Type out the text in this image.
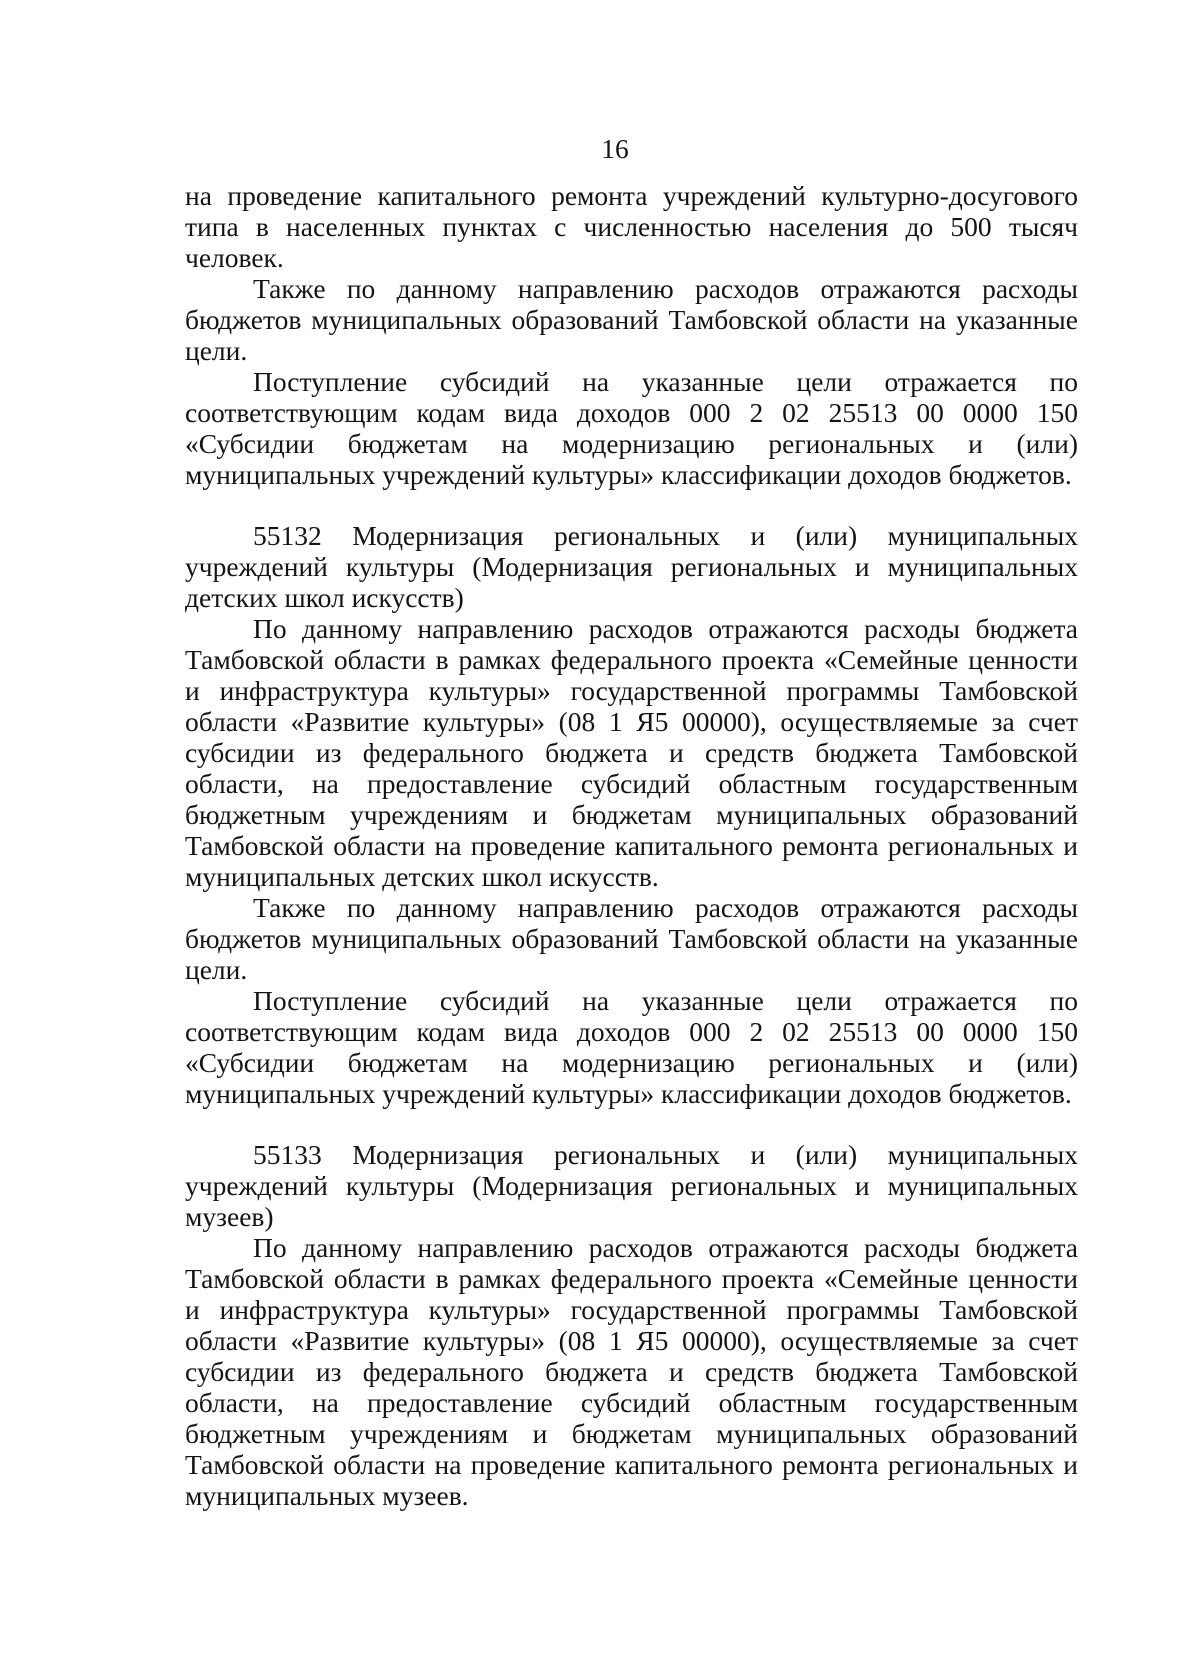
16

на проведение капитального ремонта учреждений культурно-досугового типа в населенных пунктах с численностью населения до 500 тысяч человек.

Также по данному направлению расходов отражаются расходы бюджетов муниципальных образований Тамбовской области на указанные цели.

Поступление субсидий на указанные цели отражается по соответствующим кодам вида доходов 000 2 02 25513 00 0000 150 «Субсидии бюджетам на модернизацию региональных и (или) муниципальных учреждений культуры» классификации доходов бюджетов.

55132 Модернизация региональных и (или) муниципальных учреждений культуры (Модернизация региональных и муниципальных детских школ искусств)

По данному направлению расходов отражаются расходы бюджета Тамбовской области в рамках федерального проекта «Семейные ценности и инфраструктура культуры» государственной программы Тамбовской области «Развитие культуры» (08 1 Я5 00000), осуществляемые за счет субсидии из федерального бюджета и средств бюджета Тамбовской области, на предоставление субсидий областным государственным бюджетным учреждениям и бюджетам муниципальных образований Тамбовской области на проведение капитального ремонта региональных и муниципальных детских школ искусств.

Также по данному направлению расходов отражаются расходы бюджетов муниципальных образований Тамбовской области на указанные цели.

Поступление субсидий на указанные цели отражается по соответствующим кодам вида доходов 000 2 02 25513 00 0000 150 «Субсидии бюджетам на модернизацию региональных и (или) муниципальных учреждений культуры» классификации доходов бюджетов.

55133 Модернизация региональных и (или) муниципальных учреждений культуры (Модернизация региональных и муниципальных музеев)

По данному направлению расходов отражаются расходы бюджета Тамбовской области в рамках федерального проекта «Семейные ценности и инфраструктура культуры» государственной программы Тамбовской области «Развитие культуры» (08 1 Я5 00000), осуществляемые за счет субсидии из федерального бюджета и средств бюджета Тамбовской области, на предоставление субсидий областным государственным бюджетным учреждениям и бюджетам муниципальных образований Тамбовской области на проведение капитального ремонта региональных и муниципальных музеев.
